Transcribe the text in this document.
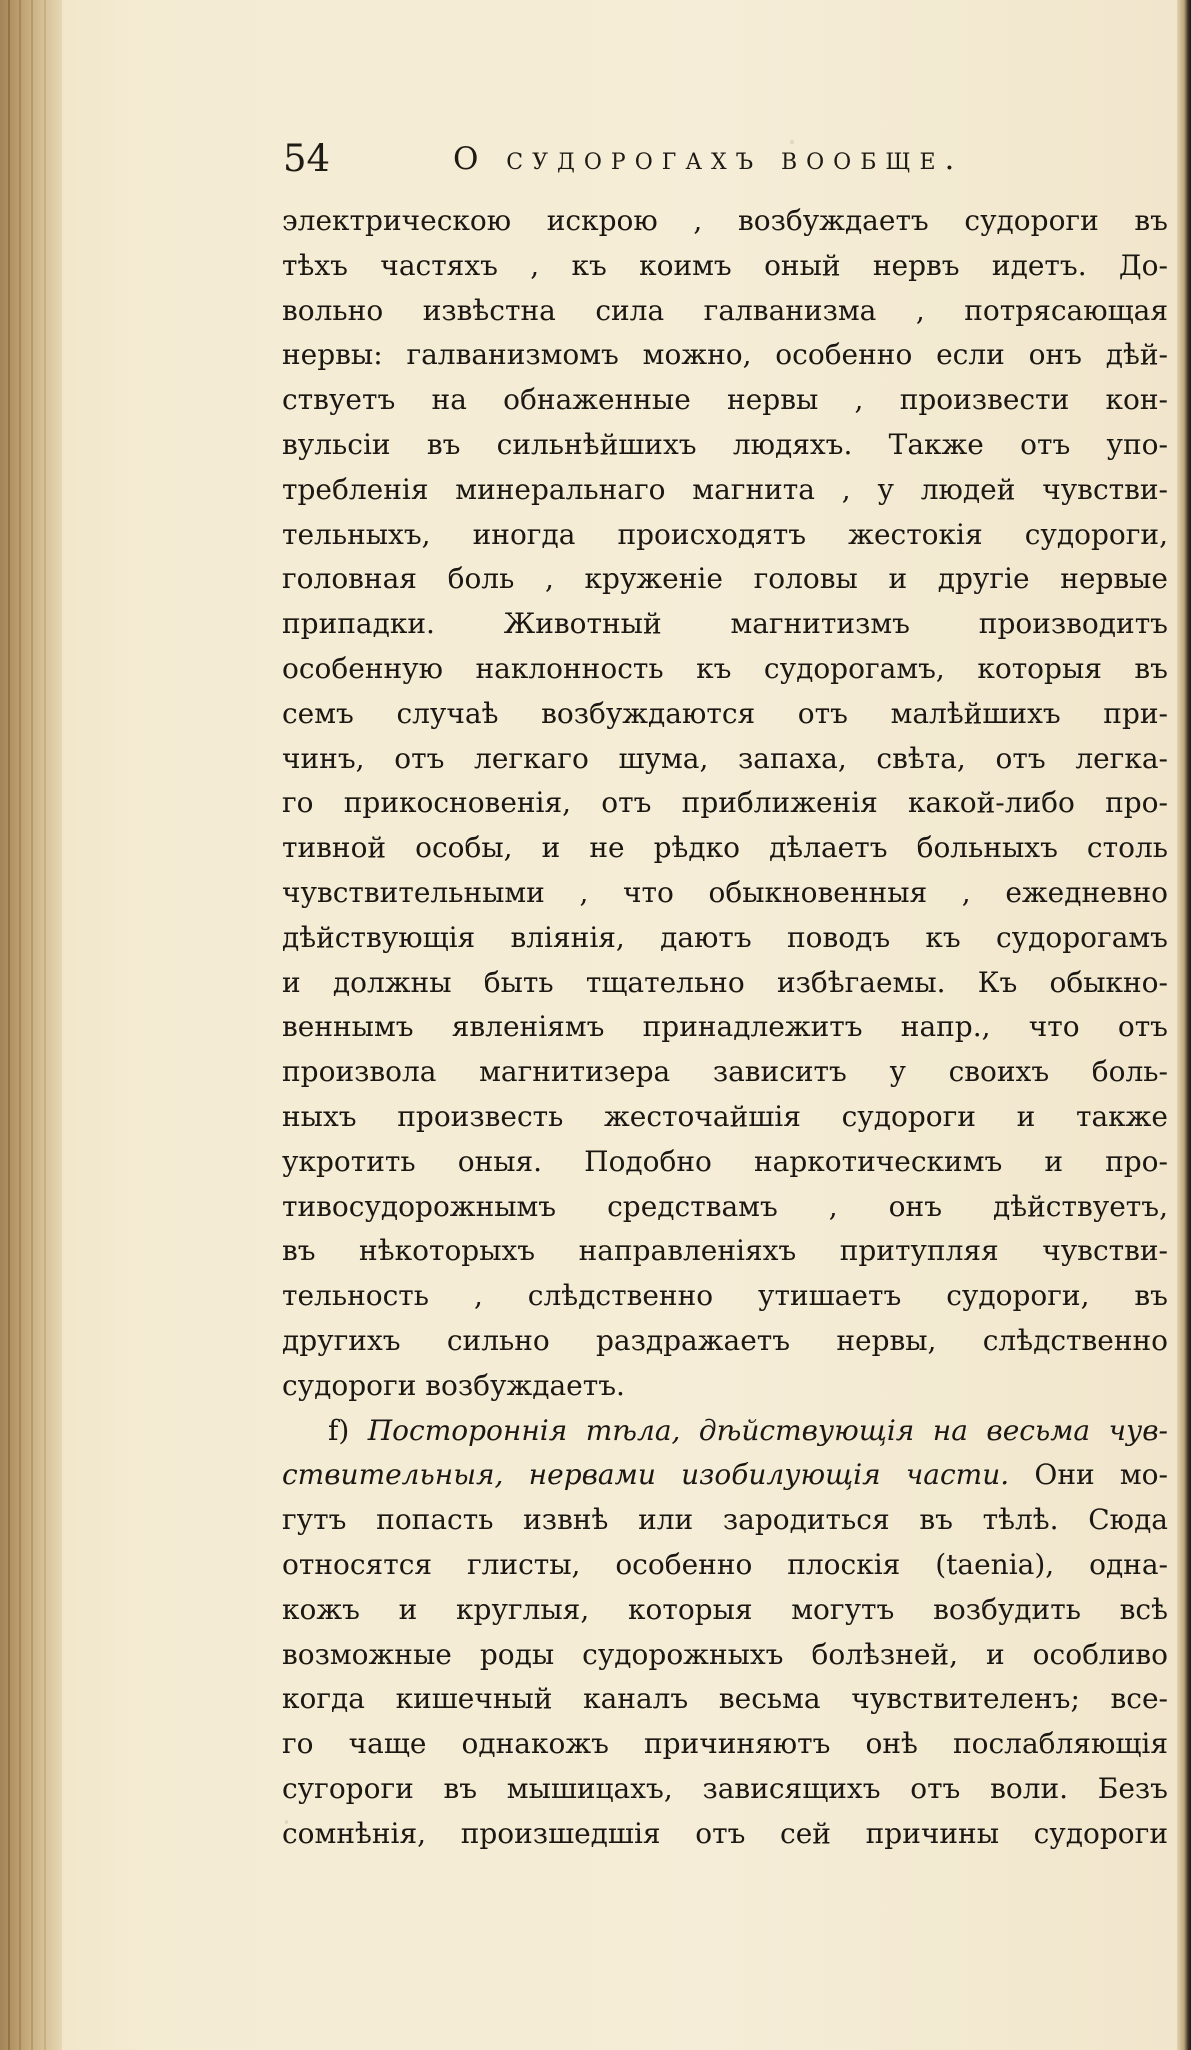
54	О судорогахъ вообще.
электрическою искрою , возбуждаетъ судороги въ
тѣхъ частяхъ , къ коимъ оный нервъ идетъ. До-
вольно извѣстна сила галванизма , потрясающая
нервы: галванизмомъ можно, особенно если онъ дѣй-
ствуетъ на обнаженные нервы , произвести кон-
вульсіи въ сильнѣйшихъ людяхъ. Также отъ упо-
требленія минеральнаго магнита , у людей чувстви-
тельныхъ, иногда происходятъ жестокія судороги,
головная боль , круженіе головы и другіе нервые
припадки. Животный магнитизмъ производитъ
особенную наклонность къ судорогамъ, которыя въ
семъ случаѣ возбуждаются отъ малѣйшихъ при-
чинъ, отъ легкаго шума, запаха, свѣта, отъ легка-
го прикосновенія, отъ приближенія какой-либо про-
тивной особы, и не рѣдко дѣлаетъ больныхъ столь
чувствительными , что обыкновенныя , ежедневно
дѣйствующія вліянія, даютъ поводъ къ судорогамъ
и должны быть тщательно избѣгаемы. Къ обыкно-
веннымъ явленіямъ принадлежитъ напр., что отъ
произвола магнитизера зависитъ у своихъ боль-
ныхъ произвесть жесточайшія судороги и также
укротить оныя. Подобно наркотическимъ и про-
тивосудорожнымъ средствамъ , онъ дѣйствуетъ,
въ нѣкоторыхъ направленіяхъ притупляя чувстви-
тельность , слѣдственно утишаетъ судороги, въ
другихъ сильно раздражаетъ нервы, слѣдственно
судороги возбуждаетъ.
f) Постороннія тѣла, дѣйствующія на весьма чув-
ствительныя, нервами изобилующія части. Они мо-
гутъ попасть извнѣ или зародиться въ тѣлѣ. Сюда
относятся глисты, особенно плоскія (taenia), одна-
кожъ и круглыя, которыя могутъ возбудить всѣ
возможные роды судорожныхъ болѣзней, и особливо
когда кишечный каналъ весьма чувствителенъ; все-
го чаще однакожъ причиняютъ онѣ послабляющія
сугороги въ мышицахъ, зависящихъ отъ воли. Безъ
сомнѣнія, произшедшія отъ сей причины судороги
